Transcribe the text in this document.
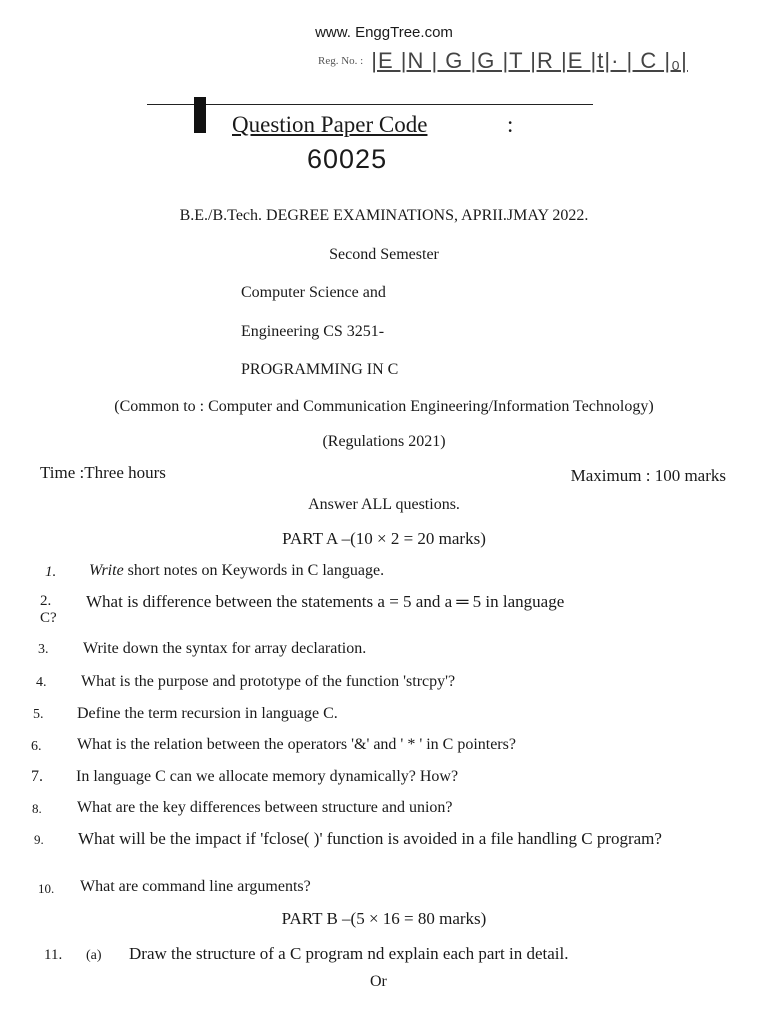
www. EnggTree.com
Reg. No. : |E |N | G |G |T |R |E |t|· | C |₀|
Question Paper Code	:
60025
B.E./B.Tech. DEGREE EXAMINATIONS, APRII.JMAY 2022.
Second Semester
Computer Science and
Engineering CS 3251-
PROGRAMMING IN C
(Common to : Computer and Communication Engineering/Information Technology)
(Regulations 2021)
Time :Three hours	Maximum : 100 marks
Answer ALL questions.
PART A –(10 × 2 = 20 marks)
1. Write short notes on Keywords in C language.
2. What is difference between the statements a = 5 and a ═ 5 in language
C?
3. Write down the syntax for array declaration.
4. What is the purpose and prototype of the function 'strcpy'?
5. Define the term recursion in language C.
6. What is the relation between the operators '&' and ' * ' in C pointers?
7. In language C can we allocate memory dynamically? How?
8. What are the key differences between structure and union?
9. What will be the impact if 'fclose( )' function is avoided in a file handling C program?
10. What are command line arguments?
PART B –(5 × 16 = 80 marks)
11. (a) Draw the structure of a C program nd explain each part in detail.
Or
